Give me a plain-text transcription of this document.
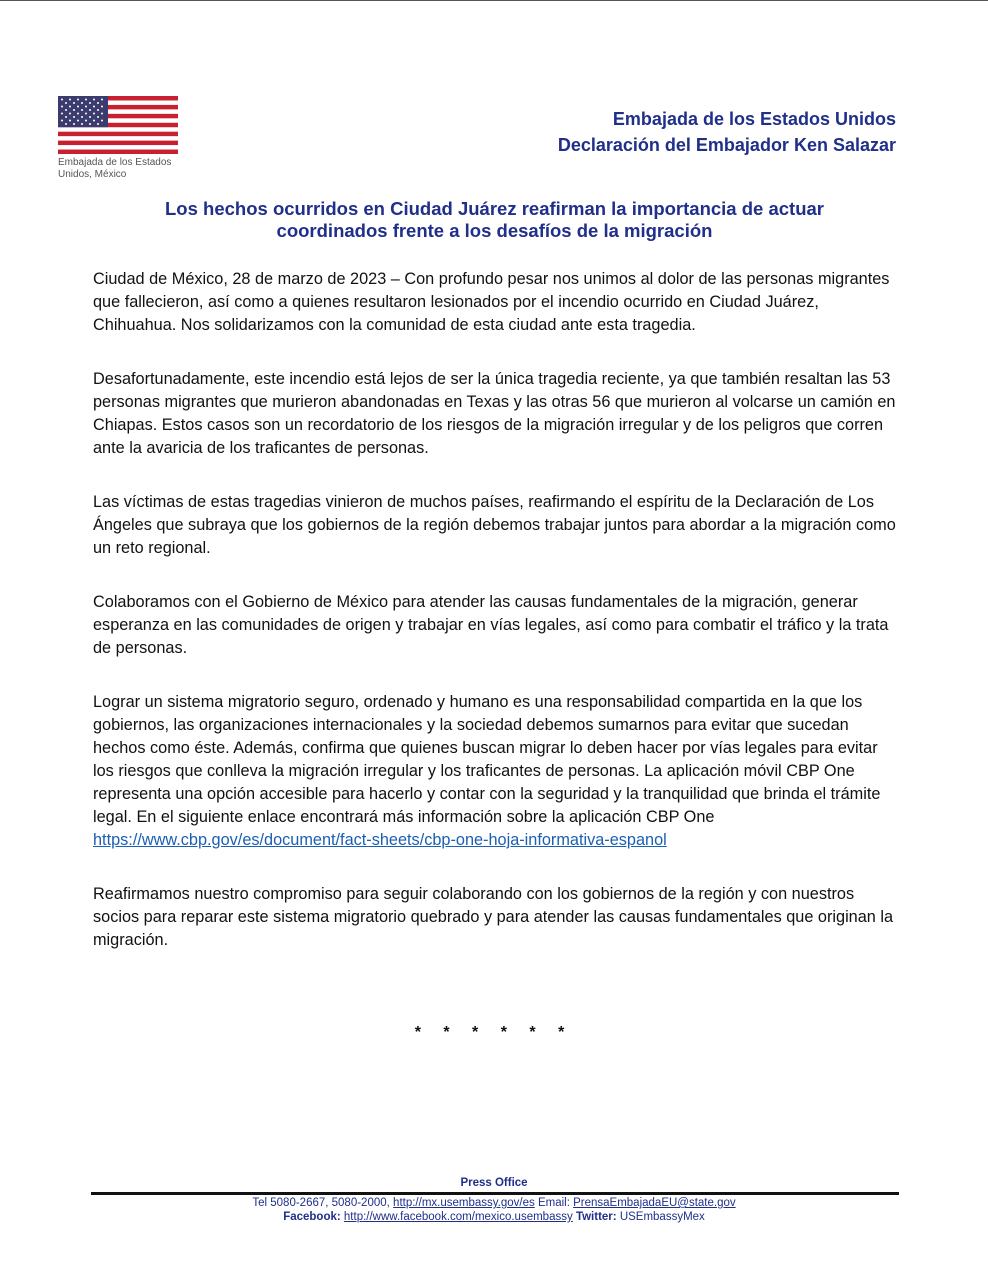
Embajada de los Estados Unidos, México
Embajada de los Estados Unidos
Declaración del Embajador Ken Salazar
Los hechos ocurridos en Ciudad Juárez reafirman la importancia de actuar
coordinados frente a los desafíos de la migración

Ciudad de México, 28 de marzo de 2023 – Con profundo pesar nos unimos al dolor de las personas migrantes que fallecieron, así como a quienes resultaron lesionados por el incendio ocurrido en Ciudad Juárez, Chihuahua. Nos solidarizamos con la comunidad de esta ciudad ante esta tragedia.

Desafortunadamente, este incendio está lejos de ser la única tragedia reciente, ya que también resaltan las 53 personas migrantes que murieron abandonadas en Texas y las otras 56 que murieron al volcarse un camión en Chiapas. Estos casos son un recordatorio de los riesgos de la migración irregular y de los peligros que corren ante la avaricia de los traficantes de personas.

Las víctimas de estas tragedias vinieron de muchos países, reafirmando el espíritu de la Declaración de Los Ángeles que subraya que los gobiernos de la región debemos trabajar juntos para abordar a la migración como un reto regional.

Colaboramos con el Gobierno de México para atender las causas fundamentales de la migración, generar esperanza en las comunidades de origen y trabajar en vías legales, así como para combatir el tráfico y la trata de personas.

Lograr un sistema migratorio seguro, ordenado y humano es una responsabilidad compartida en la que los gobiernos, las organizaciones internacionales y la sociedad debemos sumarnos para evitar que sucedan hechos como éste. Además, confirma que quienes buscan migrar lo deben hacer por vías legales para evitar los riesgos que conlleva la migración irregular y los traficantes de personas. La aplicación móvil CBP One representa una opción accesible para hacerlo y contar con la seguridad y la tranquilidad que brinda el trámite legal. En el siguiente enlace encontrará más información sobre la aplicación CBP One https://www.cbp.gov/es/document/fact-sheets/cbp-one-hoja-informativa-espanol

Reafirmamos nuestro compromiso para seguir colaborando con los gobiernos de la región y con nuestros socios para reparar este sistema migratorio quebrado y para atender las causas fundamentales que originan la migración.

* * * * * *
Press Office
Tel 5080-2667, 5080-2000, http://mx.usembassy.gov/es Email: PrensaEmbajadaEU@state.gov
Facebook: http://www.facebook.com/mexico.usembassy Twitter: USEmbassyMex
